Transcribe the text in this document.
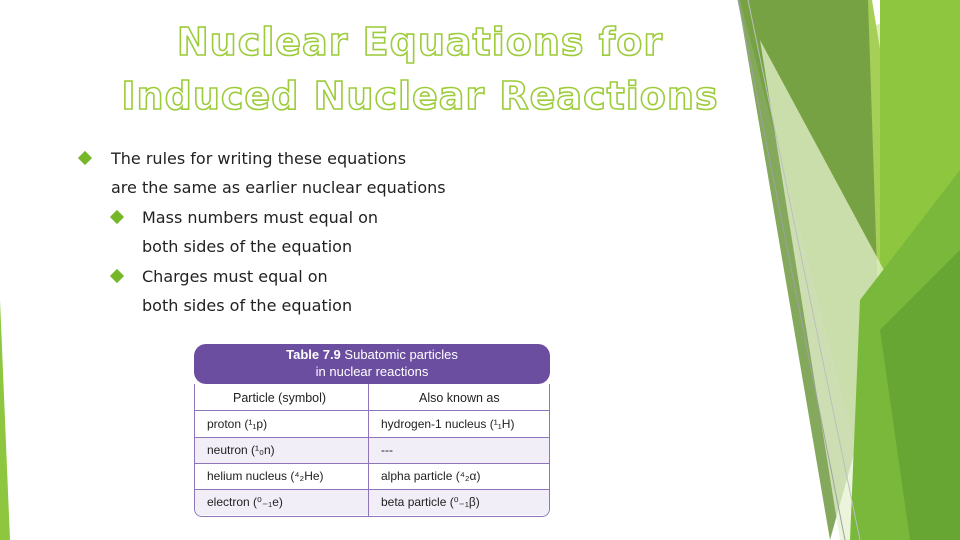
Nuclear Equations for
Induced Nuclear Reactions
The rules for writing these equations
are the same as earlier nuclear equations
Mass numbers must equal on
both sides of the equation
Charges must equal on
both sides of the equation
Table 7.9 Subatomic particles
in nuclear reactions
Particle (symbol)	Also known as
proton (¹₁p)	hydrogen-1 nucleus (¹₁H)
neutron (¹₀n)	---
helium nucleus (⁴₂He)	alpha particle (⁴₂α)
electron (⁰₋₁e)	beta particle (⁰₋₁β)
